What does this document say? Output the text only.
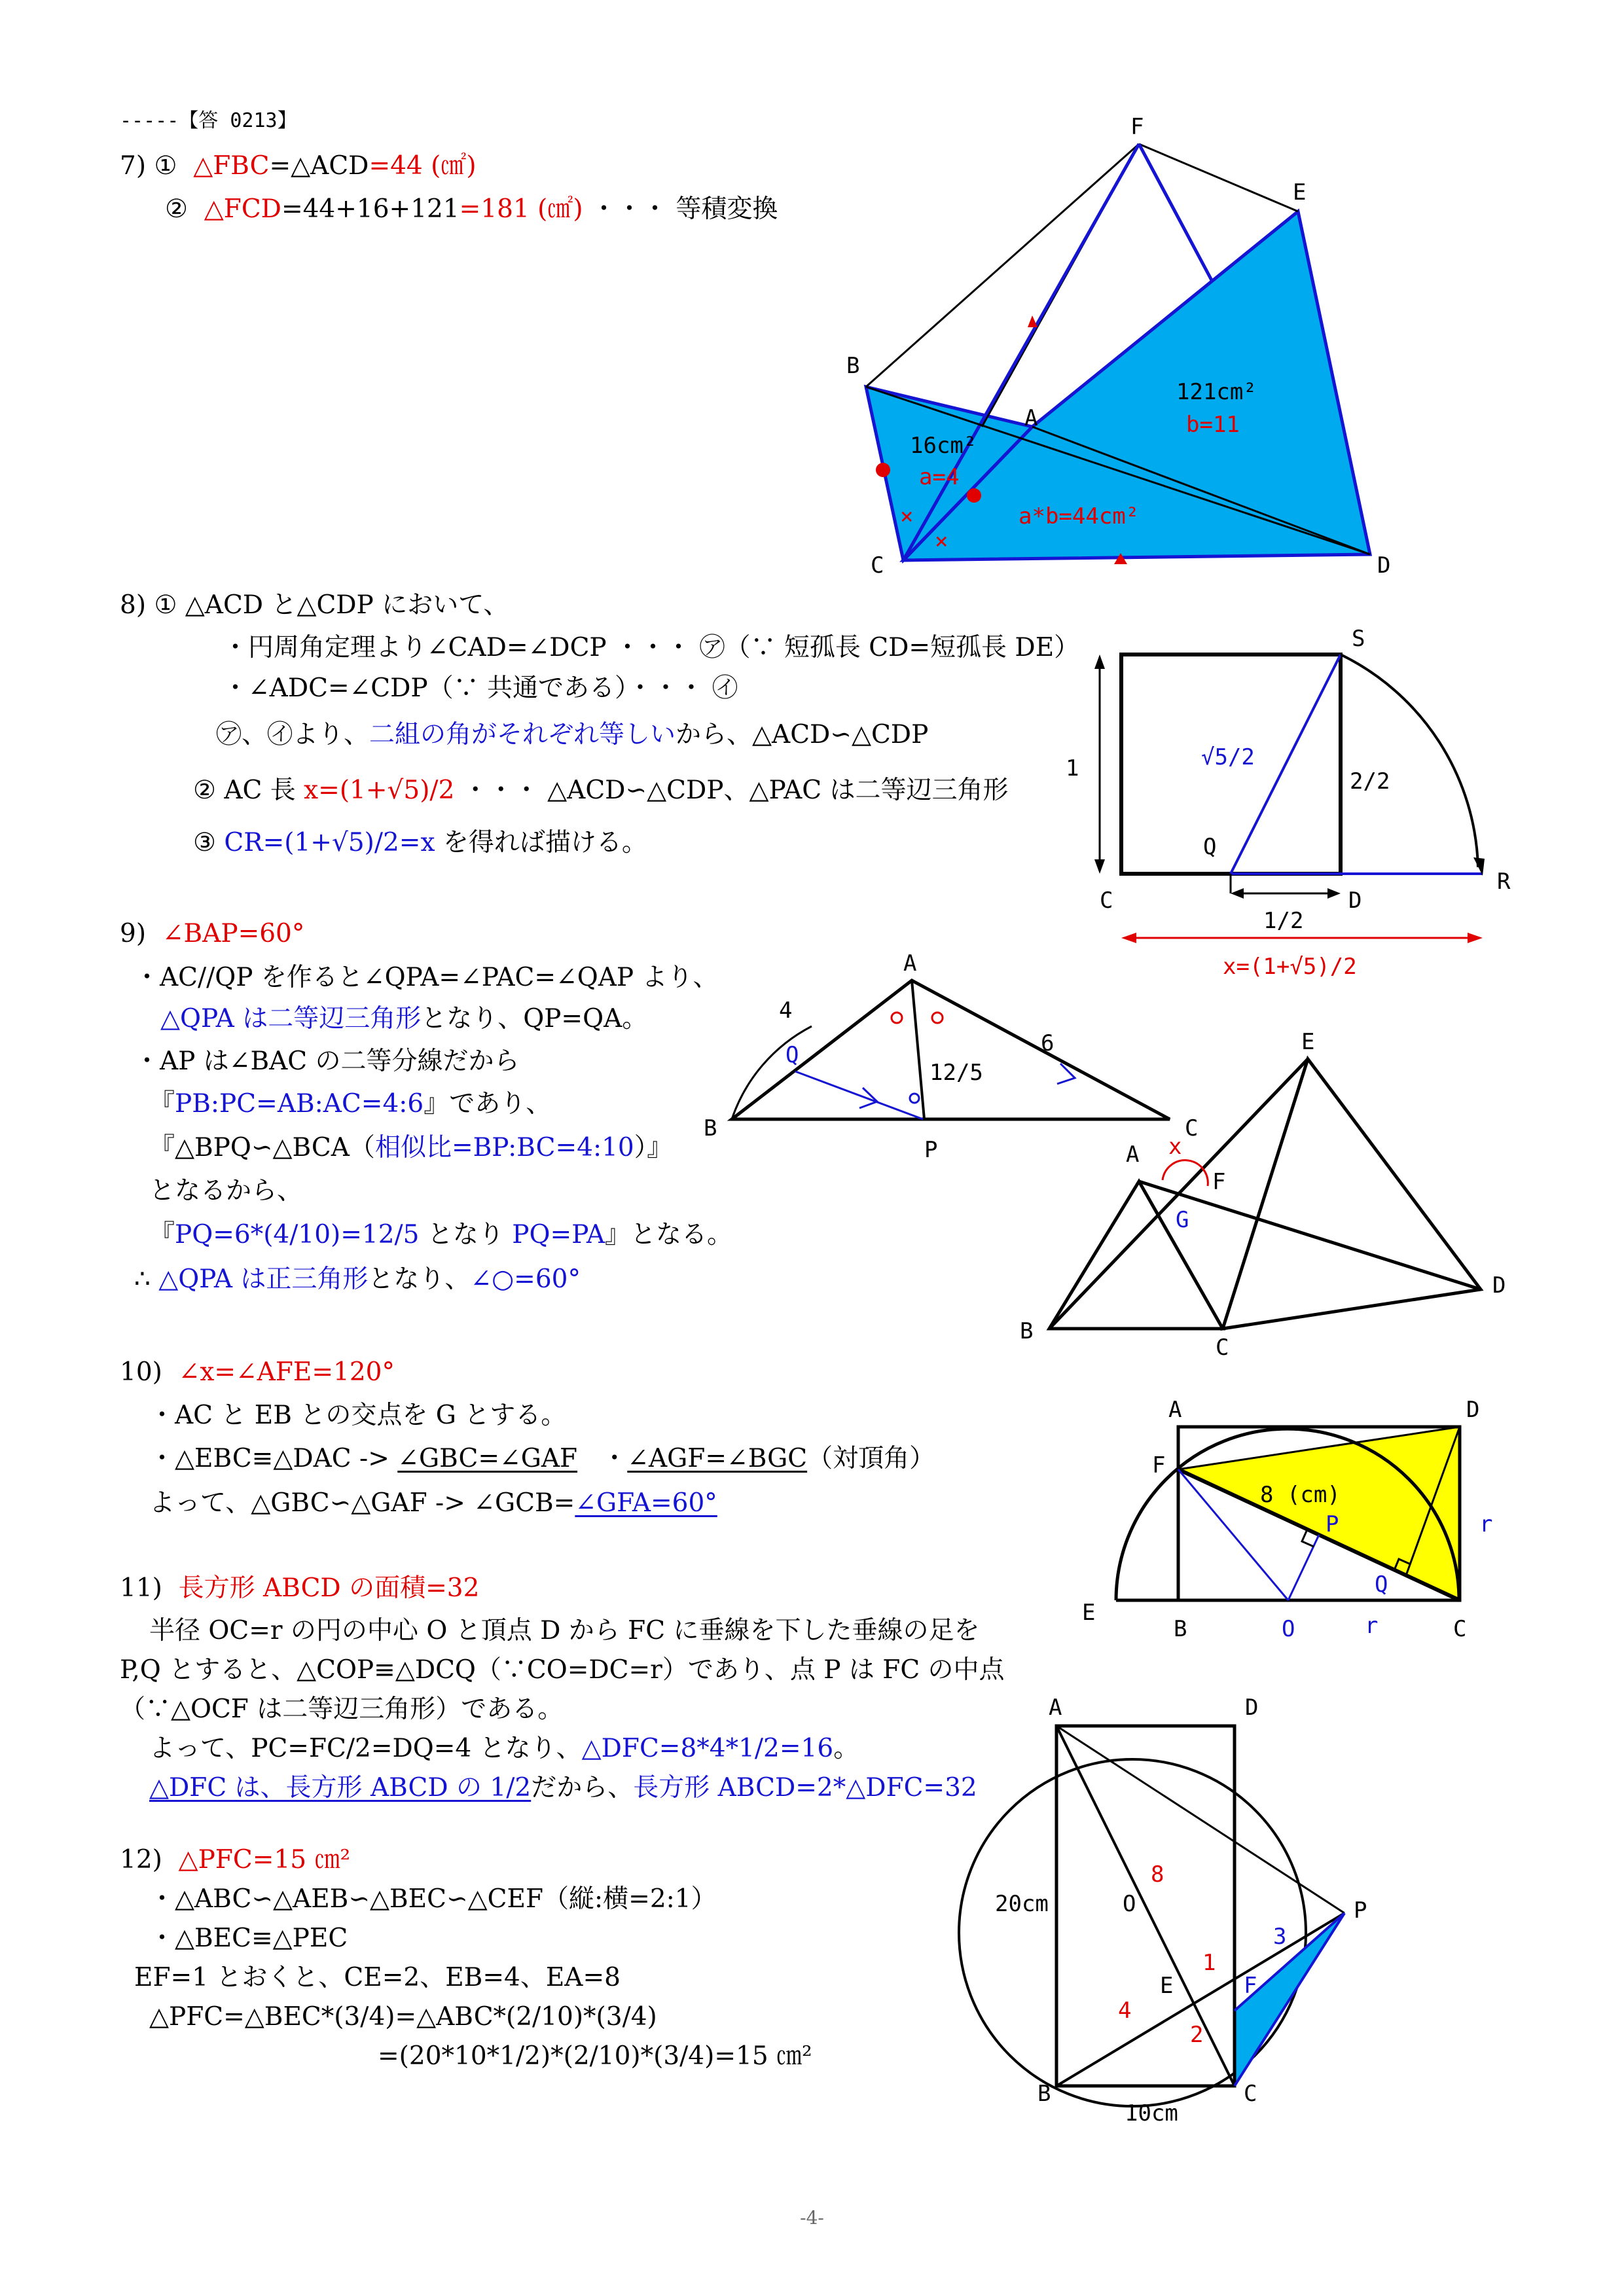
-----【答 0213】
7) ① △FBC=△ACD=44 (㎠)
② △FCD=44+16+121=181 (㎠) ・・・ 等積変換
×
×
F
E
B
A
C	D
121cm²
b=11
16cm²
a=4
a*b=44cm²
8) ① △ACD と△CDP において、
・円周角定理より∠CAD=∠DCP ・・・ ㋐（∵ 短孤長 CD=短孤長 DE）
・∠ADC=∠CDP（∵ 共通である）・・・ ㋑
㋐、㋑より、二組の角がそれぞれ等しいから、△ACD∽△CDP
② AC 長 x=(1+√5)/2 ・・・ △ACD∽△CDP、△PAC は二等辺三角形
③ CR=(1+√5)/2=x を得れば描ける。
S
1	√5/2
2/2
Q
C	D
R
1/2
x=(1+√5)/2
9) ∠BAP=60°
・AC//QP を作ると∠QPA=∠PAC=∠QAP より、
△QPA は二等辺三角形となり、QP=QA。
・AP は∠BAC の二等分線だから
『PB:PC=AB:AC=4:6』であり、
『△BPQ∽△BCA（相似比=BP:BC=4:10）』
となるから、
『PQ=6*(4/10)=12/5 となり PQ=PA』となる。
∴ △QPA は正三角形となり、∠○=60°
A
4
Q	6
12/5
B
P
C
10) ∠x=∠AFE=120°
・AC と EB との交点を G とする。
・△EBC≡△DAC -> ∠GBC=∠GAF ・∠AGF=∠BGC（対頂角）
よって、△GBC∽△GAF -> ∠GCB=∠GFA=60°
E
A x
F
G
D
B
C
11) 長方形 ABCD の面積=32
半径 OC=r の円の中心 O と頂点 D から FC に垂線を下した垂線の足を
P,Q とすると、△COP≡△DCQ（∵CO=DC=r）であり、点 P は FC の中点
（∵△OCF は二等辺三角形）である。
よって、PC=FC/2=DQ=4 となり、△DFC=8*4*1/2=16。
△DFC は、長方形 ABCD の 1/2だから、長方形 ABCD=2*△DFC=32
A	D
F
8 (cm)
P	r
Q
E
B	O	r	C
12) △PFC=15 ㎝²
・△ABC∽△AEB∽△BEC∽△CEF（縦:横=2:1）
・△BEC≡△PEC
EF=1 とおくと、CE=2、EB=4、EA=8
△PFC=△BEC*(3/4)=△ABC*(2/10)*(3/4)
=(20*10*1/2)*(2/10)*(3/4)=15 ㎝²
A	D
8
20cm	O	P
3
1
E	F
4
2
B	C
10cm
-4-
